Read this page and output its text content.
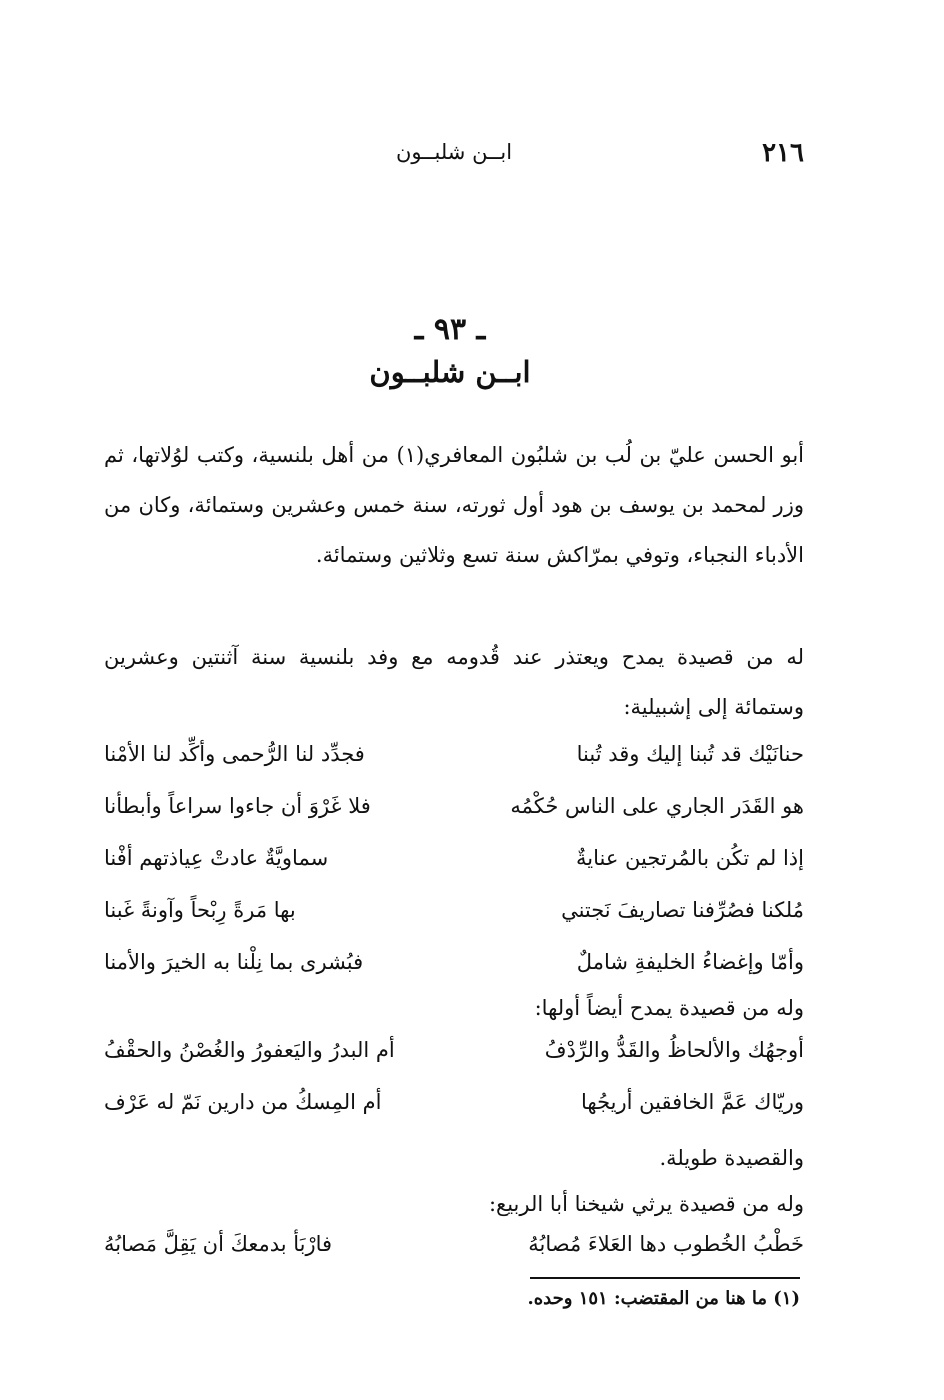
٢١٦
ابــن شلبــون
ـ ٩٣ ـ
ابــن شلبــون

أبو الحسن عليّ بن لُب بن شلبُون المعافري(١) من أهل بلنسية، وكتب لوُلاتها، ثم وزر لمحمد بن يوسف بن هود أول ثورته، سنة خمس وعشرين وستمائة، وكان من الأدباء النجباء، وتوفي بمرّاكش سنة تسع وثلاثين وستمائة.

له من قصيدة يمدح ويعتذر عند قُدومه مع وفد بلنسية سنة آثنتين وعشرين وستمائة إلى إشبيلية:

حنانَيْك قد تُبنا إليك وقد تُبنا
فجدِّد لنا الرُّحمى وأكِّد لنا الأمْنا
هو القَدَر الجاري على الناس حُكْمُه
فلا غَرْوَ أن جاءوا سراعاً وأبطأنا
إذا لم تكُن بالمُرتجين عنايةٌ
سماويَّةٌ عادتْ عِياذتهم أفْنا
مُلكنا فصُرِّفنا تصاريفَ نَجتني
بها مَرةً رِبْحاً وآونةً غَبنا
وأمّا وإغضاءُ الخليفةِ شاملٌ
فبُشرى بما نِلْنا به الخيرَ والأمنا

وله من قصيدة يمدح أيضاً أولها:

أوجهُك والألحاظُ والقَدُّ والرِّدْفُ
أم البدرُ واليَعفورُ والغُصْنُ والحقْفُ
وريّاك عَمَّ الخافقين أريجُها
أم المِسكُ من دارين نَمّ له عَرْف

والقصيدة طويلة.

وله من قصيدة يرثي شيخنا أبا الربيع:

خَطْبُ الخُطوب دها العَلاءَ مُصابُهُ
فارْبَأ بدمعكَ أن يَقِلَّ مَصابُهُ
(١) ما هنا من المقتضب: ١٥١ وحده.
